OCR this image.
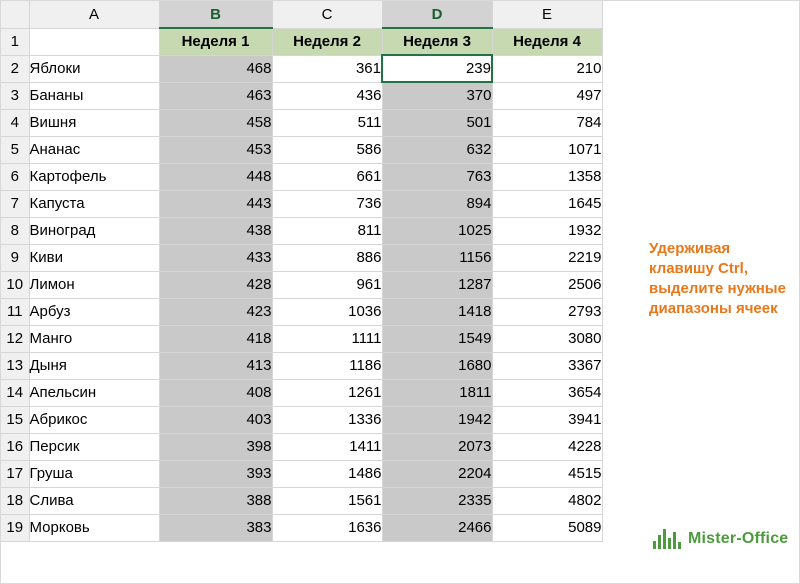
	A	B	C	D	E
1		Неделя 1	Неделя 2	Неделя 3	Неделя 4
2	Яблоки	468	361	239	210
3	Бананы	463	436	370	497
4	Вишня	458	511	501	784
5	Ананас	453	586	632	1071
6	Картофель	448	661	763	1358
7	Капуста	443	736	894	1645
8	Виноград	438	811	1025	1932
9	Киви	433	886	1156	2219
10	Лимон	428	961	1287	2506
11	Арбуз	423	1036	1418	2793
12	Манго	418	1111	1549	3080
13	Дыня	413	1186	1680	3367
14	Апельсин	408	1261	1811	3654
15	Абрикос	403	1336	1942	3941
16	Персик	398	1411	2073	4228
17	Груша	393	1486	2204	4515
18	Слива	388	1561	2335	4802
19	Морковь	383	1636	2466	5089
Удерживая клавишу Ctrl, выделите нужные диапазоны ячеек
Mister-Office
